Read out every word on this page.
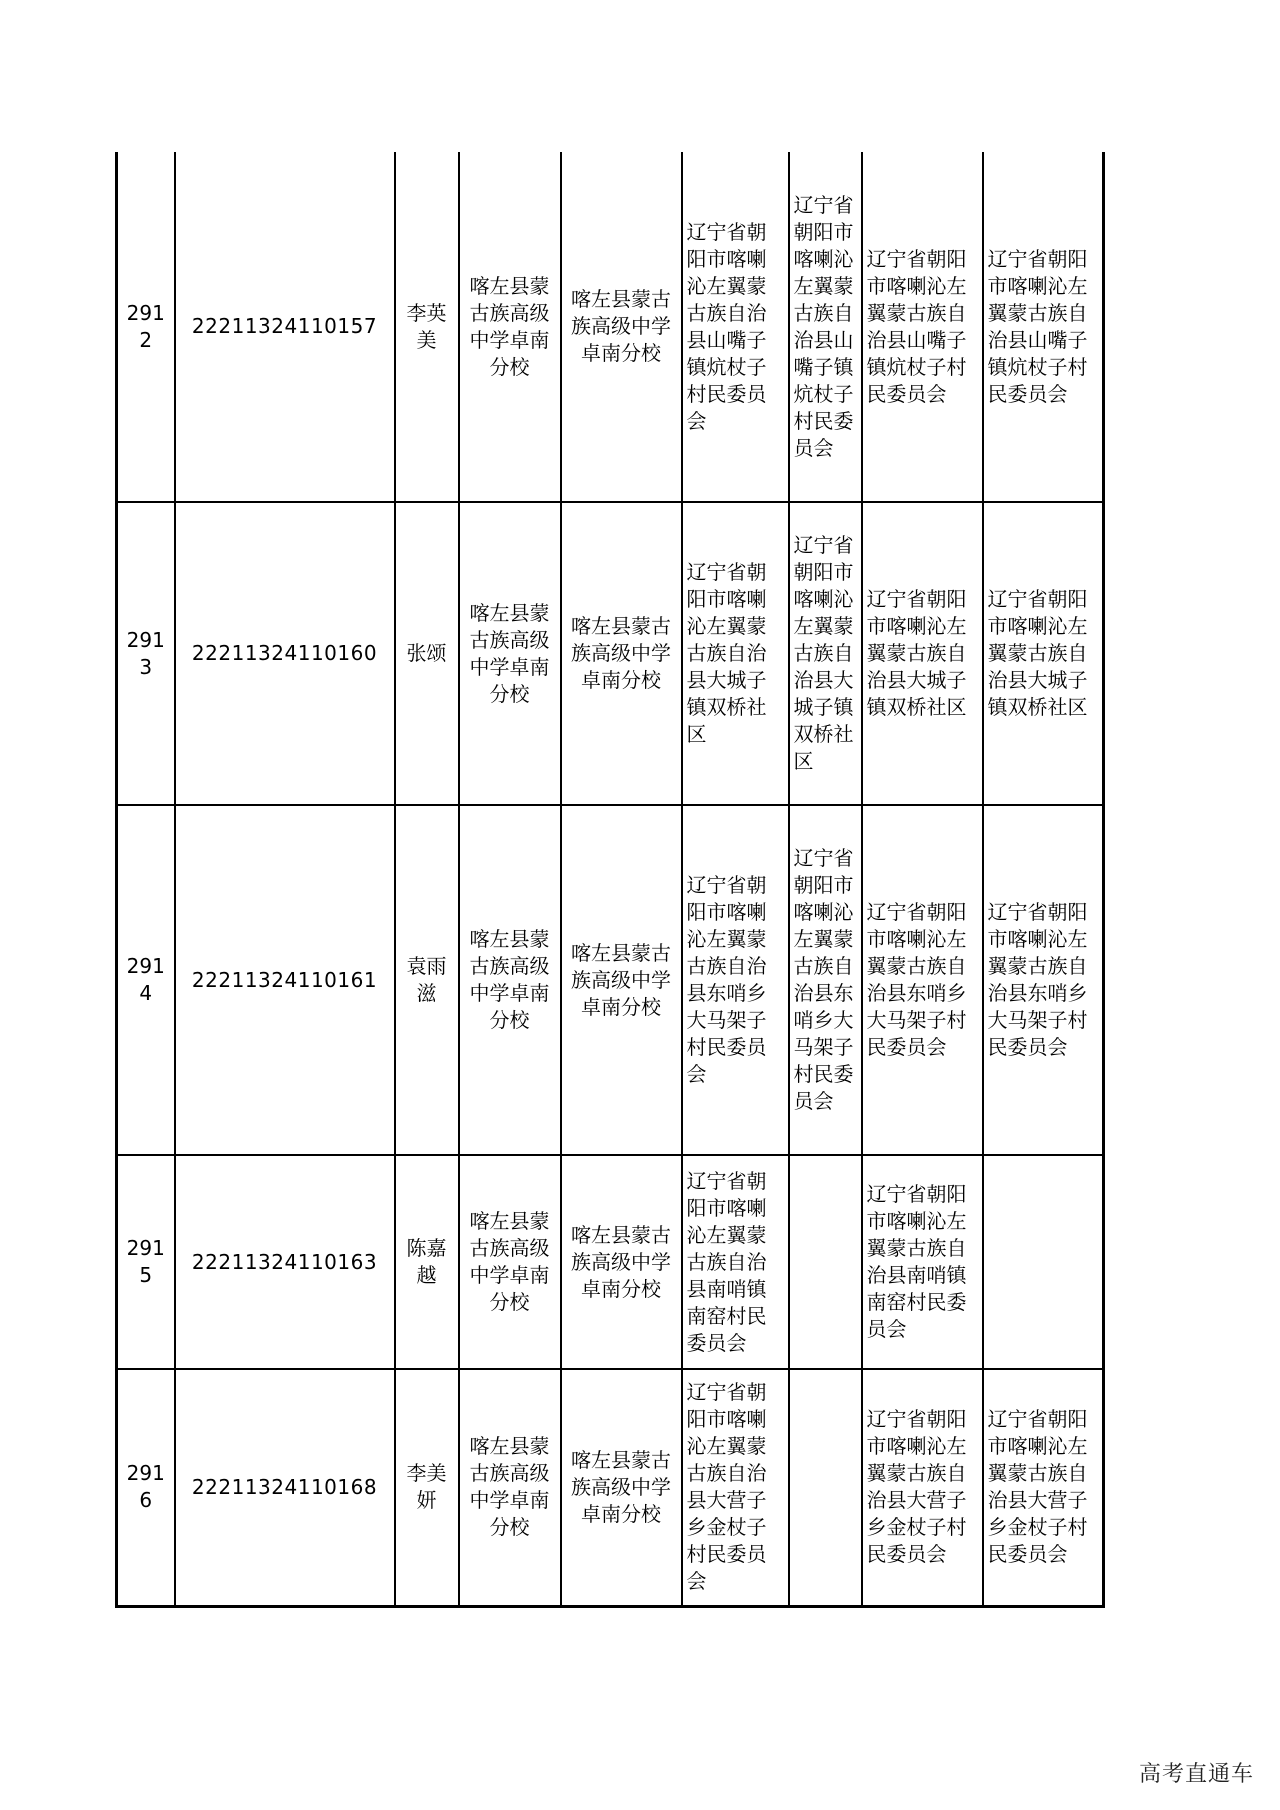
2912	22211324110157	李英美	喀左县蒙古族高级中学卓南分校	喀左县蒙古族高级中学卓南分校	辽宁省朝阳市喀喇沁左翼蒙古族自治县山嘴子镇炕杖子村民委员会	辽宁省朝阳市喀喇沁左翼蒙古族自治县山嘴子镇炕杖子村民委员会	辽宁省朝阳市喀喇沁左翼蒙古族自治县山嘴子镇炕杖子村民委员会	辽宁省朝阳市喀喇沁左翼蒙古族自治县山嘴子镇炕杖子村民委员会
2913	22211324110160	张颂	喀左县蒙古族高级中学卓南分校	喀左县蒙古族高级中学卓南分校	辽宁省朝阳市喀喇沁左翼蒙古族自治县大城子镇双桥社区	辽宁省朝阳市喀喇沁左翼蒙古族自治县大城子镇双桥社区	辽宁省朝阳市喀喇沁左翼蒙古族自治县大城子镇双桥社区	辽宁省朝阳市喀喇沁左翼蒙古族自治县大城子镇双桥社区
2914	22211324110161	袁雨滋	喀左县蒙古族高级中学卓南分校	喀左县蒙古族高级中学卓南分校	辽宁省朝阳市喀喇沁左翼蒙古族自治县东哨乡大马架子村民委员会	辽宁省朝阳市喀喇沁左翼蒙古族自治县东哨乡大马架子村民委员会	辽宁省朝阳市喀喇沁左翼蒙古族自治县东哨乡大马架子村民委员会	辽宁省朝阳市喀喇沁左翼蒙古族自治县东哨乡大马架子村民委员会
2915	22211324110163	陈嘉越	喀左县蒙古族高级中学卓南分校	喀左县蒙古族高级中学卓南分校	辽宁省朝阳市喀喇沁左翼蒙古族自治县南哨镇南窑村民委员会		辽宁省朝阳市喀喇沁左翼蒙古族自治县南哨镇南窑村民委员会	
2916	22211324110168	李美妍	喀左县蒙古族高级中学卓南分校	喀左县蒙古族高级中学卓南分校	辽宁省朝阳市喀喇沁左翼蒙古族自治县大营子乡金杖子村民委员会		辽宁省朝阳市喀喇沁左翼蒙古族自治县大营子乡金杖子村民委员会	辽宁省朝阳市喀喇沁左翼蒙古族自治县大营子乡金杖子村民委员会
高考直通车
